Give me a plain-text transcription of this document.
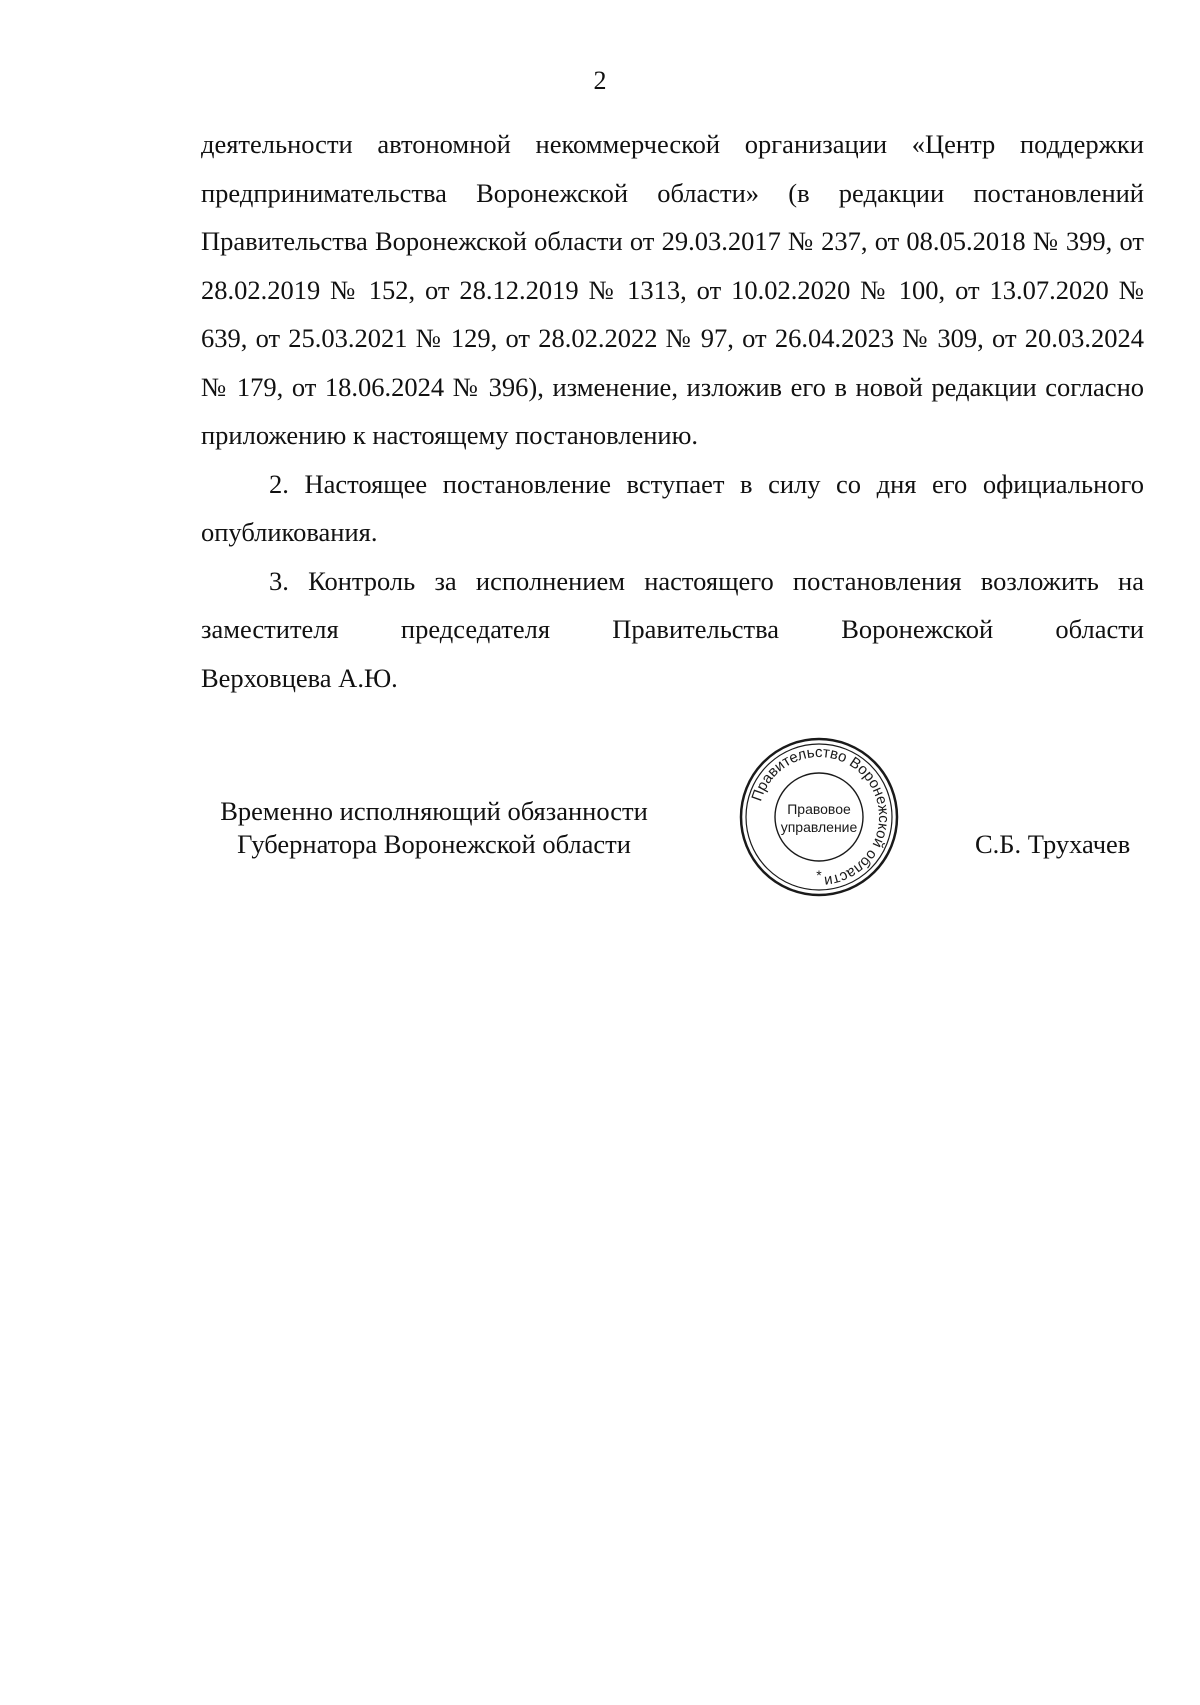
2

деятельности автономной некоммерческой организации «Центр поддержки предпринимательства Воронежской области» (в редакции постановлений Правительства Воронежской области от 29.03.2017 № 237, от 08.05.2018 № 399, от 28.02.2019 № 152, от 28.12.2019 № 1313, от 10.02.2020 № 100, от 13.07.2020 № 639, от 25.03.2021 № 129, от 28.02.2022 № 97, от 26.04.2023 № 309, от 20.03.2024 № 179, от 18.06.2024 № 396), изменение, изложив его в новой редакции согласно приложению к настоящему постановлению.

2. Настоящее постановление вступает в силу со дня его официального опубликования.

3. Контроль за исполнением настоящего постановления возложить на
заместителя председателя Правительства Воронежской области
Верховцева А.Ю.
Временно исполняющий обязанности
Губернатора Воронежской области
Правительство Воронежской области
Правовое
управление
*
С.Б. Трухачев
